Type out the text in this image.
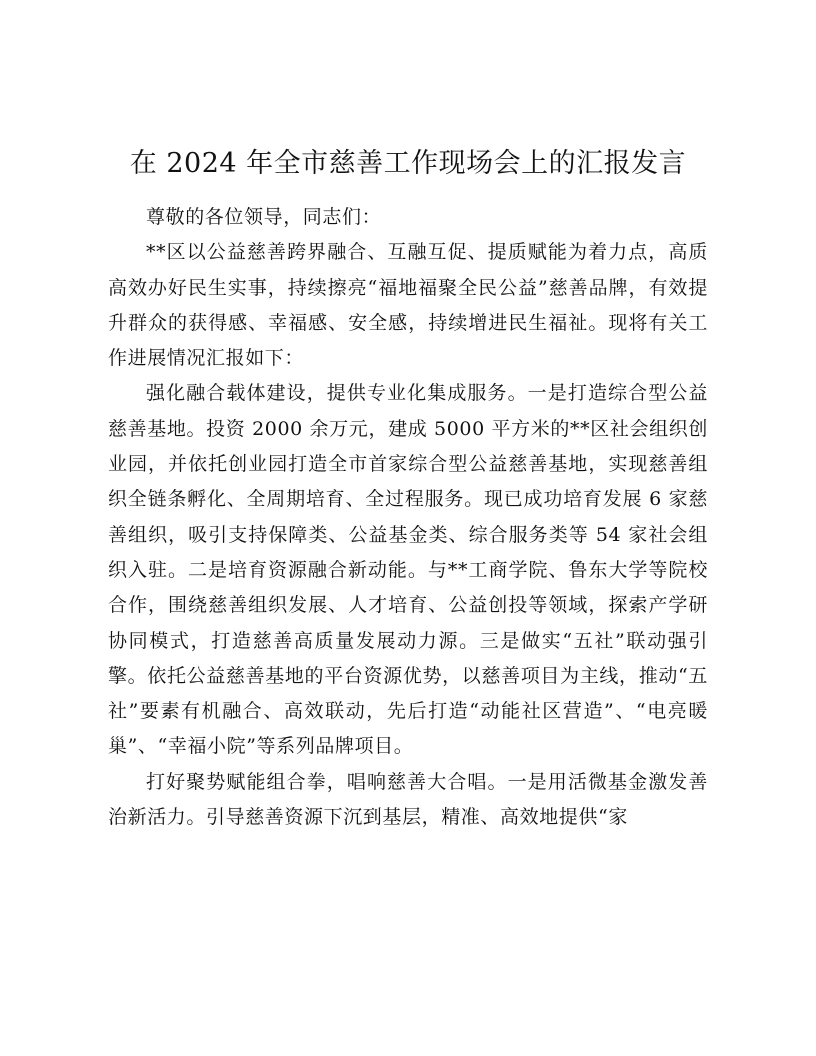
在 2024 年全市慈善工作现场会上的汇报发言

尊敬的各位领导，同志们：

**区以公益慈善跨界融合、互融互促、提质赋能为着力点，高质高效办好民生实事，持续擦亮“福地福聚全民公益”慈善品牌，有效提升群众的获得感、幸福感、安全感，持续增进民生福祉。现将有关工作进展情况汇报如下：

强化融合载体建设，提供专业化集成服务。一是打造综合型公益慈善基地。投资 2000 余万元，建成 5000 平方米的**区社会组织创业园，并依托创业园打造全市首家综合型公益慈善基地，实现慈善组织全链条孵化、全周期培育、全过程服务。现已成功培育发展 6 家慈善组织，吸引支持保障类、公益基金类、综合服务类等 54 家社会组织入驻。二是培育资源融合新动能。与**工商学院、鲁东大学等院校合作，围绕慈善组织发展、人才培育、公益创投等领域，探索产学研协同模式，打造慈善高质量发展动力源。三是做实“五社”联动强引擎。依托公益慈善基地的平台资源优势，以慈善项目为主线，推动“五社”要素有机融合、高效联动，先后打造“动能社区营造”、“电亮暖巢”、“幸福小院”等系列品牌项目。

打好聚势赋能组合拳，唱响慈善大合唱。一是用活微基金激发善治新活力。引导慈善资源下沉到基层，精准、高效地提供“家
